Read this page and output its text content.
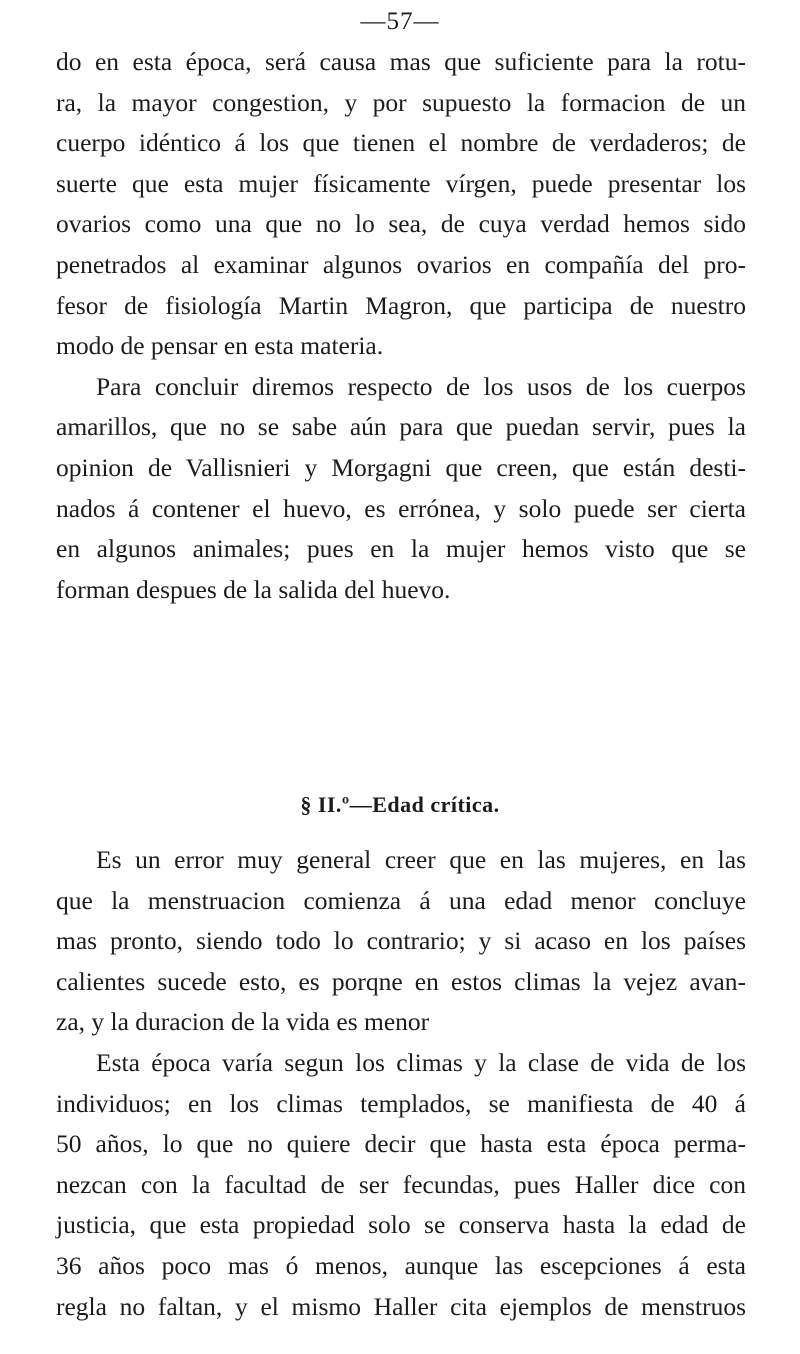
—57—
do en esta época, será causa mas que suficiente para la rotu-
ra, la mayor congestion, y por supuesto la formacion de un
cuerpo idéntico á los que tienen el nombre de verdaderos; de
suerte que esta mujer físicamente vírgen, puede presentar los
ovarios como una que no lo sea, de cuya verdad hemos sido
penetrados al examinar algunos ovarios en compañía del pro-
fesor de fisiología Martin Magron, que participa de nuestro
modo de pensar en esta materia.
Para concluir diremos respecto de los usos de los cuerpos
amarillos, que no se sabe aún para que puedan servir, pues la
opinion de Vallisnieri y Morgagni que creen, que están desti-
nados á contener el huevo, es errónea, y solo puede ser cierta
en algunos animales; pues en la mujer hemos visto que se
forman despues de la salida del huevo.
§ II.º—Edad crítica.
Es un error muy general creer que en las mujeres, en las
que la menstruacion comienza á una edad menor concluye
mas pronto, siendo todo lo contrario; y si acaso en los países
calientes sucede esto, es porqne en estos climas la vejez avan-
za, y la duracion de la vida es menor
Esta época varía segun los climas y la clase de vida de los
individuos; en los climas templados, se manifiesta de 40 á
50 años, lo que no quiere decir que hasta esta época perma-
nezcan con la facultad de ser fecundas, pues Haller dice con
justicia, que esta propiedad solo se conserva hasta la edad de
36 años poco mas ó menos, aunque las escepciones á esta
regla no faltan, y el mismo Haller cita ejemplos de menstruos
